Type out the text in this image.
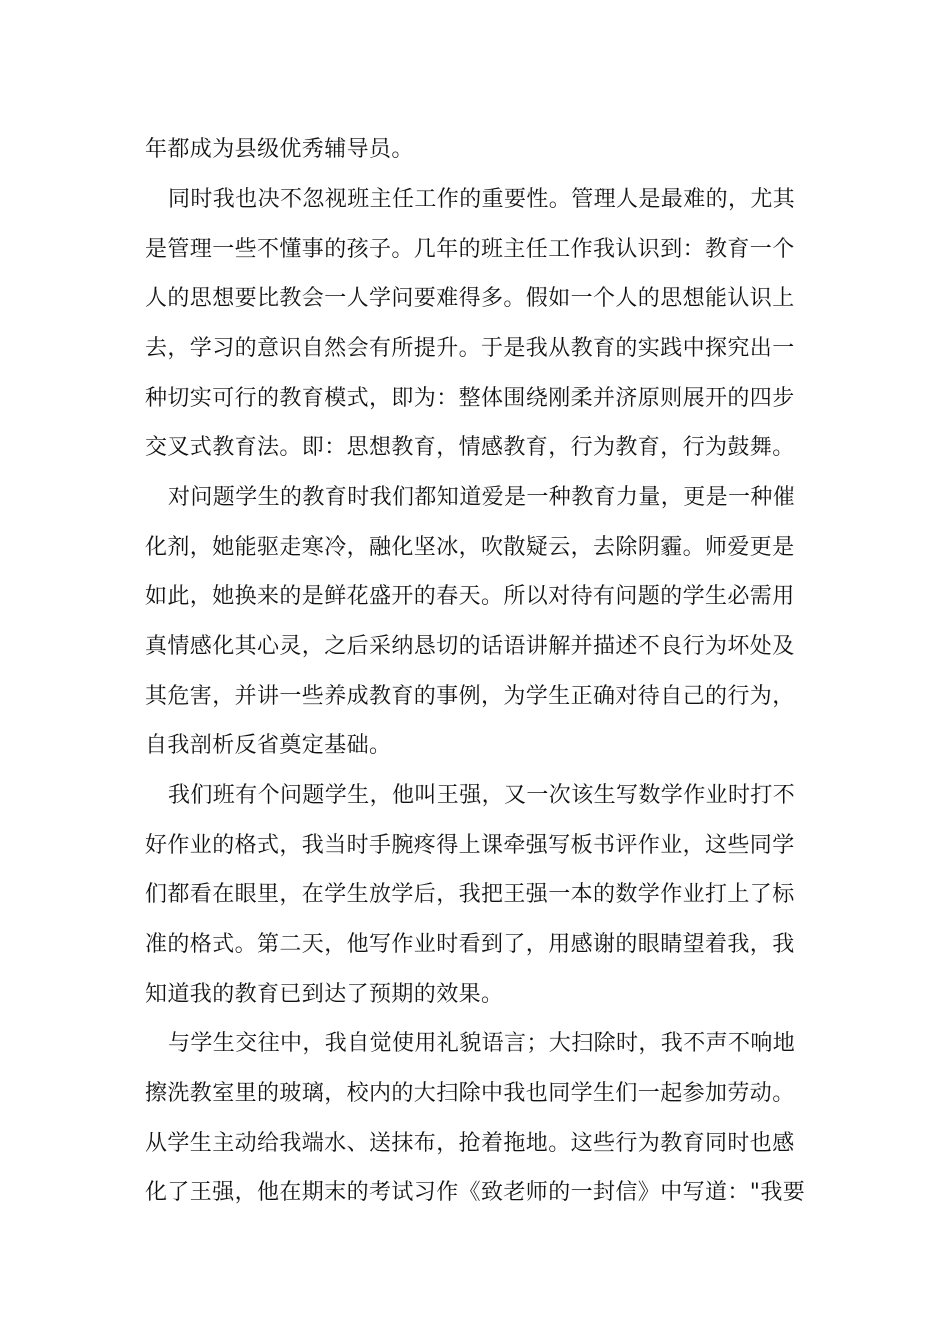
年都成为县级优秀辅导员。
同时我也决不忽视班主任工作的重要性。管理人是最难的，尤其
是管理一些不懂事的孩子。几年的班主任工作我认识到：教育一个
人的思想要比教会一人学问要难得多。假如一个人的思想能认识上
去，学习的意识自然会有所提升。于是我从教育的实践中探究出一
种切实可行的教育模式，即为：整体围绕刚柔并济原则展开的四步
交叉式教育法。即：思想教育，情感教育，行为教育，行为鼓舞。
对问题学生的教育时我们都知道爱是一种教育力量，更是一种催
化剂，她能驱走寒冷，融化坚冰，吹散疑云，去除阴霾。师爱更是
如此，她换来的是鲜花盛开的春天。所以对待有问题的学生必需用
真情感化其心灵，之后采纳恳切的话语讲解并描述不良行为坏处及
其危害，并讲一些养成教育的事例，为学生正确对待自己的行为，
自我剖析反省奠定基础。
我们班有个问题学生，他叫王强，又一次该生写数学作业时打不
好作业的格式，我当时手腕疼得上课牵强写板书评作业，这些同学
们都看在眼里，在学生放学后，我把王强一本的数学作业打上了标
准的格式。第二天，他写作业时看到了，用感谢的眼睛望着我，我
知道我的教育已到达了预期的效果。
与学生交往中，我自觉使用礼貌语言；大扫除时，我不声不响地
擦洗教室里的玻璃，校内的大扫除中我也同学生们一起参加劳动。
从学生主动给我端水、送抹布，抢着拖地。这些行为教育同时也感
化了王强，他在期末的考试习作《致老师的一封信》中写道："我要
